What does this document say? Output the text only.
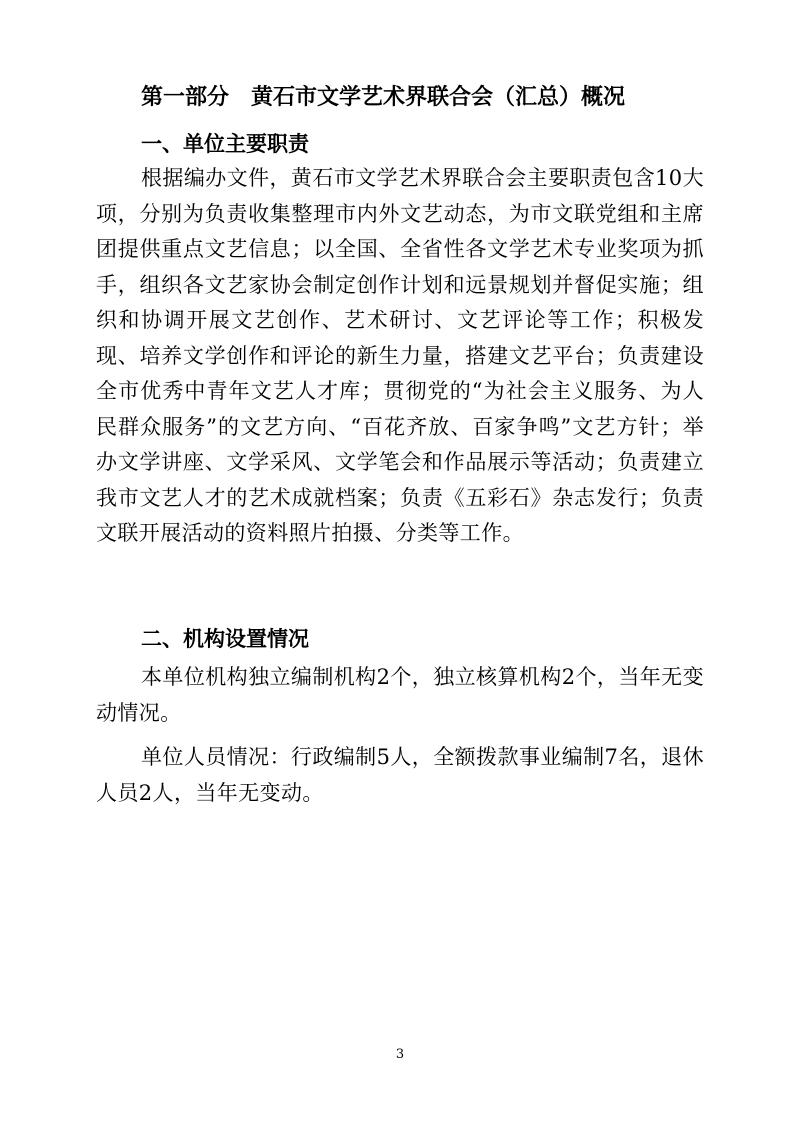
第一部分　黄石市文学艺术界联合会（汇总）概况
一、单位主要职责

根据编办文件，黄石市文学艺术界联合会主要职责包含10大项，分别为负责收集整理市内外文艺动态，为市文联党组和主席团提供重点文艺信息；以全国、全省性各文学艺术专业奖项为抓手，组织各文艺家协会制定创作计划和远景规划并督促实施；组织和协调开展文艺创作、艺术研讨、文艺评论等工作；积极发现、培养文学创作和评论的新生力量，搭建文艺平台；负责建设全市优秀中青年文艺人才库；贯彻党的“为社会主义服务、为人民群众服务”的文艺方向、“百花齐放、百家争鸣”文艺方针；举办文学讲座、文学采风、文学笔会和作品展示等活动；负责建立我市文艺人才的艺术成就档案；负责《五彩石》杂志发行；负责文联开展活动的资料照片拍摄、分类等工作。

二、机构设置情况

本单位机构独立编制机构2个，独立核算机构2个，当年无变动情况。

单位人员情况：行政编制5人，全额拨款事业编制7名，退休人员2人，当年无变动。

3
